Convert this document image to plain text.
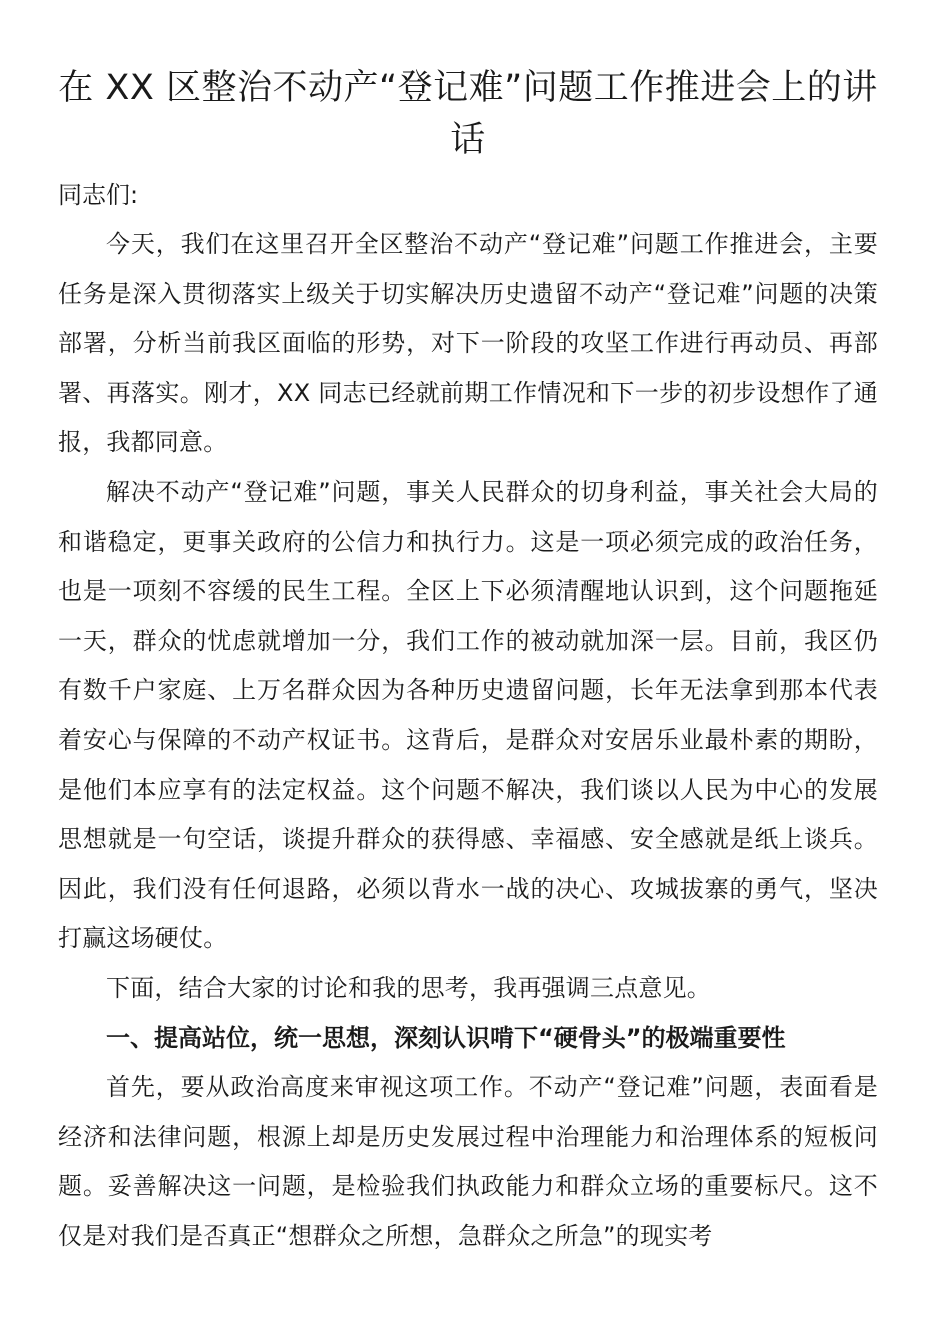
在 XX 区整治不动产“登记难”问题工作推进会上的讲话

同志们:

今天，我们在这里召开全区整治不动产“登记难”问题工作推进会，主要任务是深入贯彻落实上级关于切实解决历史遗留不动产“登记难”问题的决策部署，分析当前我区面临的形势，对下一阶段的攻坚工作进行再动员、再部署、再落实。刚才，XX 同志已经就前期工作情况和下一步的初步设想作了通报，我都同意。

解决不动产“登记难”问题，事关人民群众的切身利益，事关社会大局的和谐稳定，更事关政府的公信力和执行力。这是一项必须完成的政治任务，也是一项刻不容缓的民生工程。全区上下必须清醒地认识到，这个问题拖延一天，群众的忧虑就增加一分，我们工作的被动就加深一层。目前，我区仍有数千户家庭、上万名群众因为各种历史遗留问题，长年无法拿到那本代表着安心与保障的不动产权证书。这背后，是群众对安居乐业最朴素的期盼，是他们本应享有的法定权益。这个问题不解决，我们谈以人民为中心的发展思想就是一句空话，谈提升群众的获得感、幸福感、安全感就是纸上谈兵。因此，我们没有任何退路，必须以背水一战的决心、攻城拔寨的勇气，坚决打赢这场硬仗。

下面，结合大家的讨论和我的思考，我再强调三点意见。

一、提高站位，统一思想，深刻认识啃下“硬骨头”的极端重要性

首先，要从政治高度来审视这项工作。不动产“登记难”问题，表面看是经济和法律问题，根源上却是历史发展过程中治理能力和治理体系的短板问题。妥善解决这一问题，是检验我们执政能力和群众立场的重要标尺。这不仅是对我们是否真正“想群众之所想，急群众之所急”的现实考
